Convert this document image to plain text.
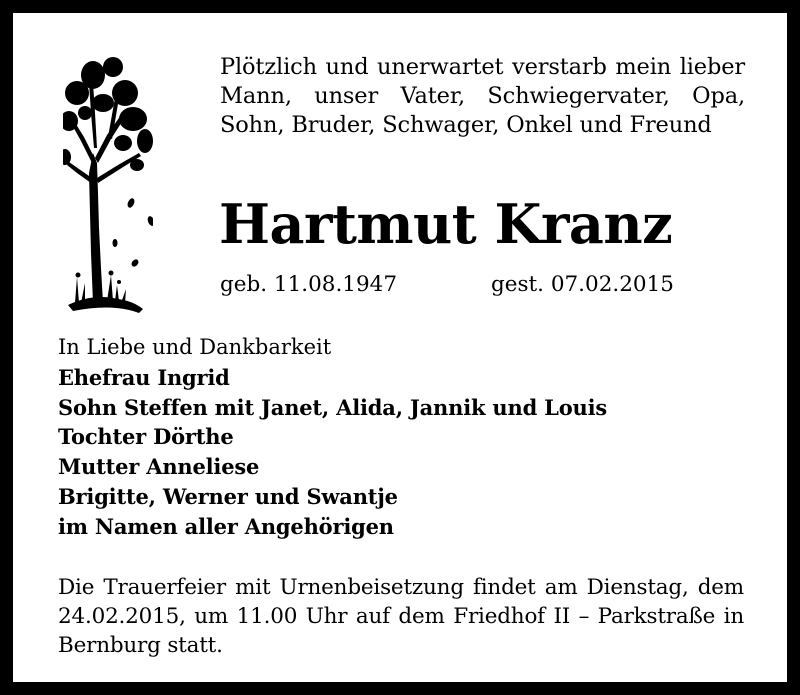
Plötzlich und unerwartet verstarb mein lieber Mann, unser Vater, Schwiegervater, Opa, Sohn, Bruder, Schwager, Onkel und Freund
Hartmut Kranz
geb. 11.08.1947	gest. 07.02.2015
In Liebe und Dankbarkeit
Ehefrau Ingrid
Sohn Steffen mit Janet, Alida, Jannik und Louis
Tochter Dörthe
Mutter Anneliese
Brigitte, Werner und Swantje
im Namen aller Angehörigen
Die Trauerfeier mit Urnenbeisetzung findet am Dienstag, dem 24.02.2015, um 11.00 Uhr auf dem Friedhof II – Parkstraße in Bernburg statt.
